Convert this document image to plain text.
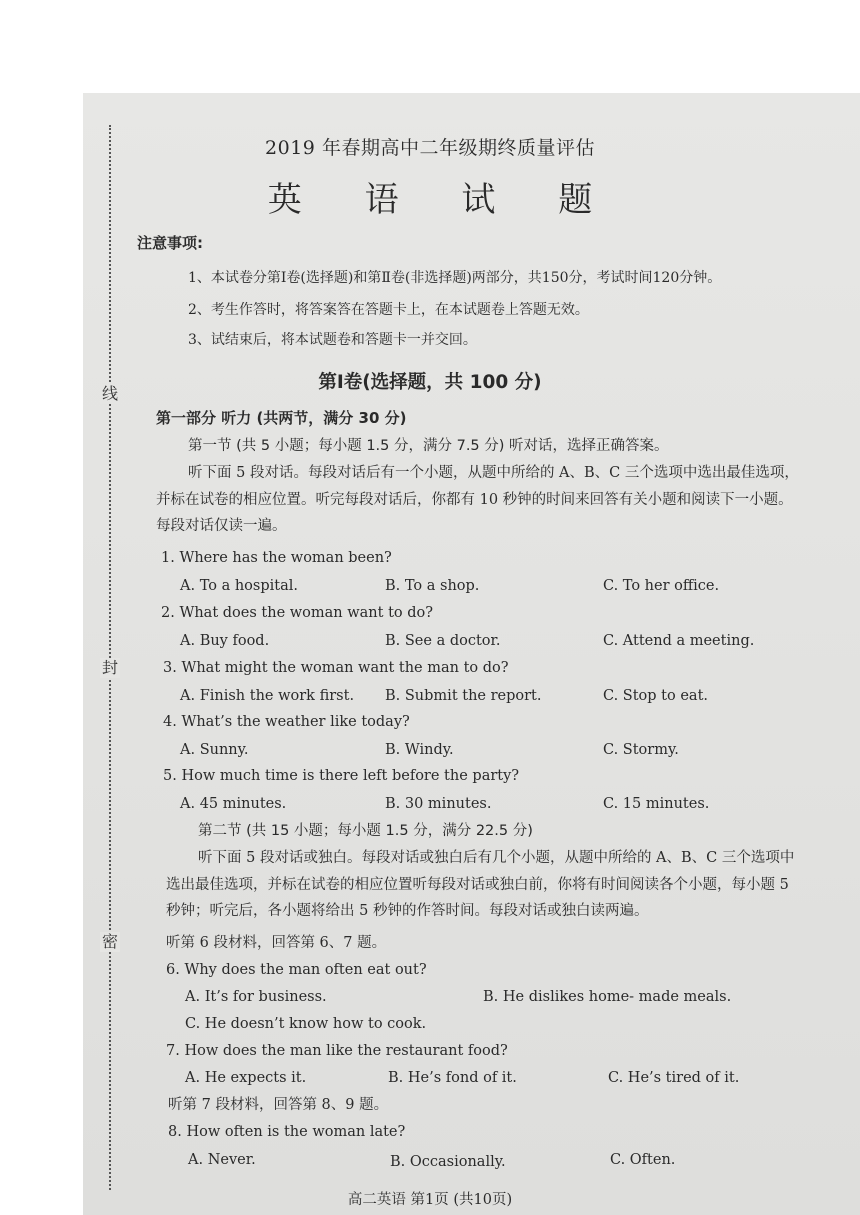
线
封
密
2019 年春期高中二年级期终质量评估
英 语 试 题
注意事项:
1、本试卷分第Ⅰ卷(选择题)和第Ⅱ卷(非选择题)两部分，共150分，考试时间120分钟。
2、考生作答时，将答案答在答题卡上，在本试题卷上答题无效。
3、试结束后，将本试题卷和答题卡一并交回。
第Ⅰ卷(选择题，共 100 分)
第一部分 听力 (共两节，满分 30 分)
第一节 (共 5 小题；每小题 1.5 分，满分 7.5 分) 听对话，选择正确答案。
听下面 5 段对话。每段对话后有一个小题，从题中所给的 A、B、C 三个选项中选出最佳选项，并标在试卷的相应位置。听完每段对话后，你都有 10 秒钟的时间来回答有关小题和阅读下一小题。每段对话仅读一遍。
1. Where has the woman been?
A. To a hospital.	B. To a shop.	C. To her office.
2. What does the woman want to do?
A. Buy food.	B. See a doctor.	C. Attend a meeting.
3. What might the woman want the man to do?
A. Finish the work first. B. Submit the report.	C. Stop to eat.
4. What’s the weather like today?
A. Sunny.	B. Windy.	C. Stormy.
5. How much time is there left before the party?
A. 45 minutes.	B. 30 minutes.	C. 15 minutes.
第二节 (共 15 小题；每小题 1.5 分，满分 22.5 分)
听下面 5 段对话或独白。每段对话或独白后有几个小题，从题中所给的 A、B、C 三个选项中选出最佳选项，并标在试卷的相应位置听每段对话或独白前，你将有时间阅读各个小题，每小题 5 秒钟；听完后，各小题将给出 5 秒钟的作答时间。每段对话或独白读两遍。
听第 6 段材料，回答第 6、7 题。
6. Why does the man often eat out?
A. It’s for business.	B. He dislikes home- made meals.
C. He doesn’t know how to cook.
7. How does the man like the restaurant food?
A. He expects it.	B. He’s fond of it.	C. He’s tired of it.
听第 7 段材料，回答第 8、9 题。
8. How often is the woman late?
A. Never.	B. Occasionally.	C. Often.
高二英语 第1页 (共10页)
